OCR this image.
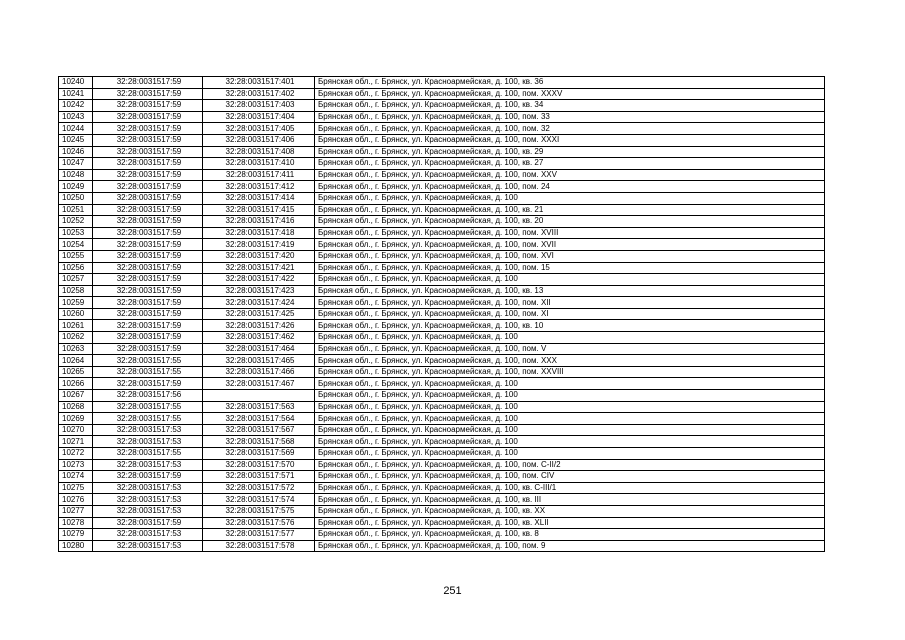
10240	32:28:0031517:59	32:28:0031517:401	Брянская обл., г. Брянск, ул. Красноармейская, д. 100, кв. 36
10241	32:28:0031517:59	32:28:0031517:402	Брянская обл., г. Брянск, ул. Красноармейская, д. 100, пом. XXXV
10242	32:28:0031517:59	32:28:0031517:403	Брянская обл., г. Брянск, ул. Красноармейская, д. 100, кв. 34
10243	32:28:0031517:59	32:28:0031517:404	Брянская обл., г. Брянск, ул. Красноармейская, д. 100, пом. 33
10244	32:28:0031517:59	32:28:0031517:405	Брянская обл., г. Брянск, ул. Красноармейская, д. 100, пом. 32
10245	32:28:0031517:59	32:28:0031517:406	Брянская обл., г. Брянск, ул. Красноармейская, д. 100, пом. XXXI
10246	32:28:0031517:59	32:28:0031517:408	Брянская обл., г. Брянск, ул. Красноармейская, д. 100, кв. 29
10247	32:28:0031517:59	32:28:0031517:410	Брянская обл., г. Брянск, ул. Красноармейская, д. 100, кв. 27
10248	32:28:0031517:59	32:28:0031517:411	Брянская обл., г. Брянск, ул. Красноармейская, д. 100, пом. XXV
10249	32:28:0031517:59	32:28:0031517:412	Брянская обл., г. Брянск, ул. Красноармейская, д. 100, пом. 24
10250	32:28:0031517:59	32:28:0031517:414	Брянская обл., г. Брянск, ул. Красноармейская, д. 100
10251	32:28:0031517:59	32:28:0031517:415	Брянская обл., г. Брянск, ул. Красноармейская, д. 100, кв. 21
10252	32:28:0031517:59	32:28:0031517:416	Брянская обл., г. Брянск, ул. Красноармейская, д. 100, кв. 20
10253	32:28:0031517:59	32:28:0031517:418	Брянская обл., г. Брянск, ул. Красноармейская, д. 100, пом. XVIII
10254	32:28:0031517:59	32:28:0031517:419	Брянская обл., г. Брянск, ул. Красноармейская, д. 100, пом. XVII
10255	32:28:0031517:59	32:28:0031517:420	Брянская обл., г. Брянск, ул. Красноармейская, д. 100, пом. XVI
10256	32:28:0031517:59	32:28:0031517:421	Брянская обл., г. Брянск, ул. Красноармейская, д. 100, пом. 15
10257	32:28:0031517:59	32:28:0031517:422	Брянская обл., г. Брянск, ул. Красноармейская, д. 100
10258	32:28:0031517:59	32:28:0031517:423	Брянская обл., г. Брянск, ул. Красноармейская, д. 100, кв. 13
10259	32:28:0031517:59	32:28:0031517:424	Брянская обл., г. Брянск, ул. Красноармейская, д. 100, пом. XII
10260	32:28:0031517:59	32:28:0031517:425	Брянская обл., г. Брянск, ул. Красноармейская, д. 100, пом. XI
10261	32:28:0031517:59	32:28:0031517:426	Брянская обл., г. Брянск, ул. Красноармейская, д. 100, кв. 10
10262	32:28:0031517:59	32:28:0031517:462	Брянская обл., г. Брянск, ул. Красноармейская, д. 100
10263	32:28:0031517:59	32:28:0031517:464	Брянская обл., г. Брянск, ул. Красноармейская, д. 100, пом. V
10264	32:28:0031517:55	32:28:0031517:465	Брянская обл., г. Брянск, ул. Красноармейская, д. 100, пом. XXX
10265	32:28:0031517:55	32:28:0031517:466	Брянская обл., г. Брянск, ул. Красноармейская, д. 100, пом. XXVIII
10266	32:28:0031517:59	32:28:0031517:467	Брянская обл., г. Брянск, ул. Красноармейская, д. 100
10267	32:28:0031517:56		Брянская обл., г. Брянск, ул. Красноармейская, д. 100
10268	32:28:0031517:55	32:28:0031517:563	Брянская обл., г. Брянск, ул. Красноармейская, д. 100
10269	32:28:0031517:55	32:28:0031517:564	Брянская обл., г. Брянск, ул. Красноармейская, д. 100
10270	32:28:0031517:53	32:28:0031517:567	Брянская обл., г. Брянск, ул. Красноармейская, д. 100
10271	32:28:0031517:53	32:28:0031517:568	Брянская обл., г. Брянск, ул. Красноармейская, д. 100
10272	32:28:0031517:55	32:28:0031517:569	Брянская обл., г. Брянск, ул. Красноармейская, д. 100
10273	32:28:0031517:53	32:28:0031517:570	Брянская обл., г. Брянск, ул. Красноармейская, д. 100, пом. С-II/2
10274	32:28:0031517:59	32:28:0031517:571	Брянская обл., г. Брянск, ул. Красноармейская, д. 100, пом. CIV
10275	32:28:0031517:53	32:28:0031517:572	Брянская обл., г. Брянск, ул. Красноармейская, д. 100, кв. С-III/1
10276	32:28:0031517:53	32:28:0031517:574	Брянская обл., г. Брянск, ул. Красноармейская, д. 100, кв. III
10277	32:28:0031517:53	32:28:0031517:575	Брянская обл., г. Брянск, ул. Красноармейская, д. 100, кв. XX
10278	32:28:0031517:59	32:28:0031517:576	Брянская обл., г. Брянск, ул. Красноармейская, д. 100, кв. XLII
10279	32:28:0031517:53	32:28:0031517:577	Брянская обл., г. Брянск, ул. Красноармейская, д. 100, кв. 8
10280	32:28:0031517:53	32:28:0031517:578	Брянская обл., г. Брянск, ул. Красноармейская, д. 100, пом. 9
251
